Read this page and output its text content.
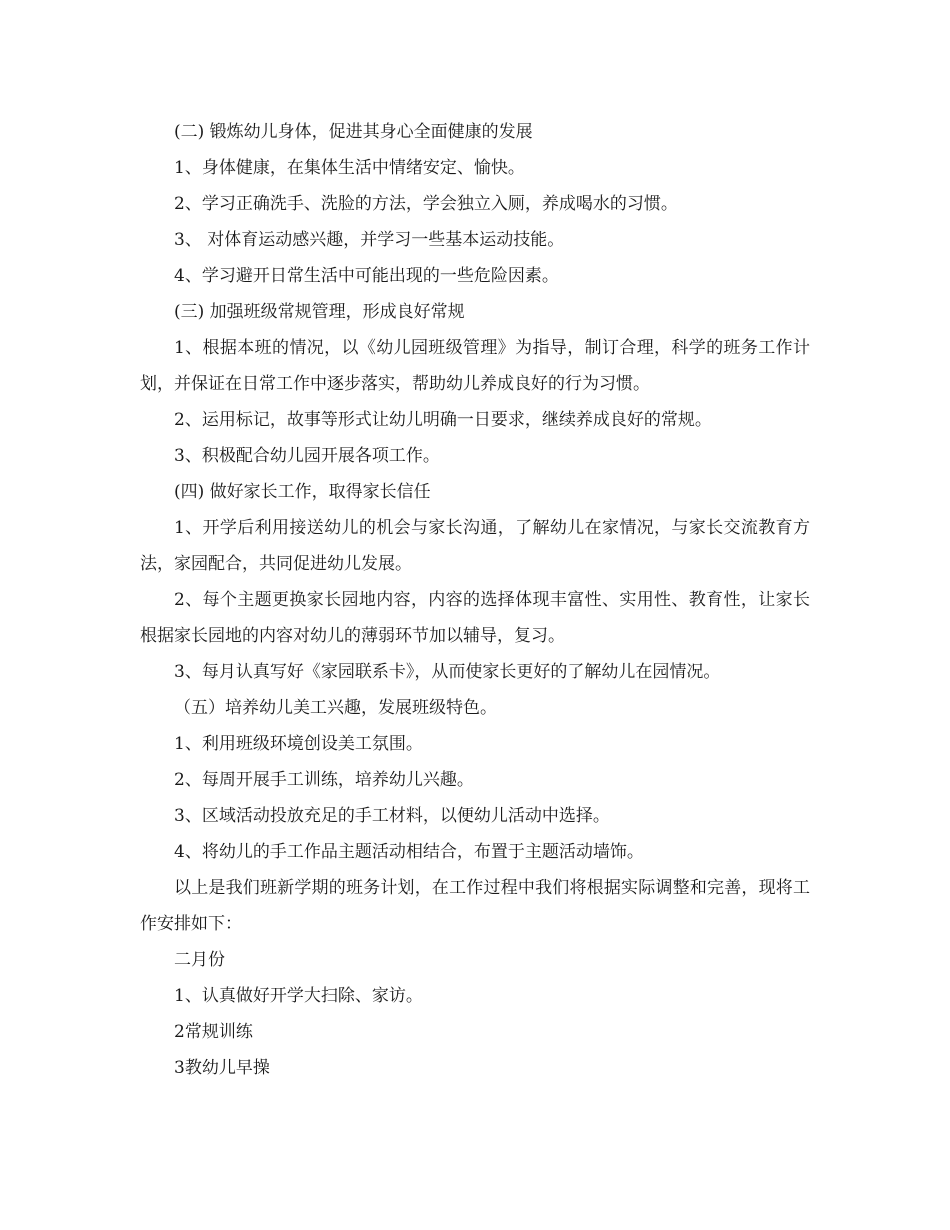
(二) 锻炼幼儿身体，促进其身心全面健康的发展

1、身体健康，在集体生活中情绪安定、愉快。

2、学习正确洗手、洗脸的方法，学会独立入厕，养成喝水的习惯。

3、 对体育运动感兴趣，并学习一些基本运动技能。

4、学习避开日常生活中可能出现的一些危险因素。

(三) 加强班级常规管理，形成良好常规

1、根据本班的情况，以《幼儿园班级管理》为指导，制订合理，科学的班务工作计划，并保证在日常工作中逐步落实，帮助幼儿养成良好的行为习惯。

2、运用标记，故事等形式让幼儿明确一日要求，继续养成良好的常规。

3、积极配合幼儿园开展各项工作。

(四) 做好家长工作，取得家长信任

1、开学后利用接送幼儿的机会与家长沟通，了解幼儿在家情况，与家长交流教育方法，家园配合，共同促进幼儿发展。

2、每个主题更换家长园地内容，内容的选择体现丰富性、实用性、教育性，让家长根据家长园地的内容对幼儿的薄弱环节加以辅导，复习。

3、每月认真写好《家园联系卡》，从而使家长更好的了解幼儿在园情况。

（五）培养幼儿美工兴趣，发展班级特色。

1、利用班级环境创设美工氛围。

2、每周开展手工训练，培养幼儿兴趣。

3、区域活动投放充足的手工材料，以便幼儿活动中选择。

4、将幼儿的手工作品主题活动相结合，布置于主题活动墙饰。

以上是我们班新学期的班务计划，在工作过程中我们将根据实际调整和完善，现将工作安排如下：

二月份

1、认真做好开学大扫除、家访。

2常规训练

3教幼儿早操
